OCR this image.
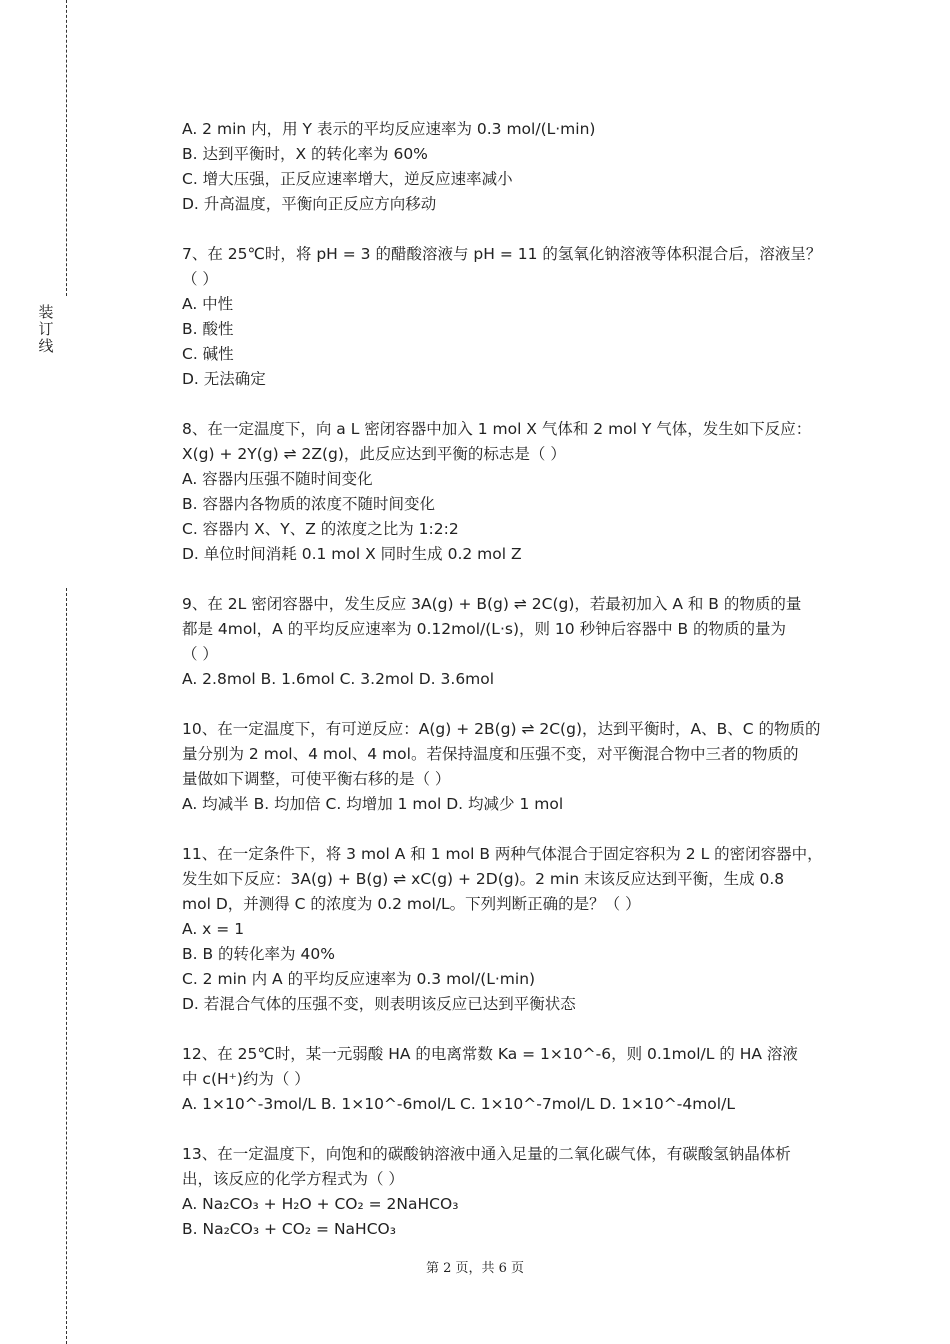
装
订
线
A. 2 min 内，用 Y 表示的平均反应速率为 0.3 mol/(L·min)
B. 达到平衡时，X 的转化率为 60%
C. 增大压强，正反应速率增大，逆反应速率减小
D. 升高温度，平衡向正反应方向移动
7、在 25℃时，将 pH = 3 的醋酸溶液与 pH = 11 的氢氧化钠溶液等体积混合后，溶液呈？
（ ）
A. 中性
B. 酸性
C. 碱性
D. 无法确定
8、在一定温度下，向 a L 密闭容器中加入 1 mol X 气体和 2 mol Y 气体，发生如下反应：
X(g) + 2Y(g) ⇌ 2Z(g)，此反应达到平衡的标志是（ ）
A. 容器内压强不随时间变化
B. 容器内各物质的浓度不随时间变化
C. 容器内 X、Y、Z 的浓度之比为 1:2:2
D. 单位时间消耗 0.1 mol X 同时生成 0.2 mol Z
9、在 2L 密闭容器中，发生反应 3A(g) + B(g) ⇌ 2C(g)，若最初加入 A 和 B 的物质的量
都是 4mol，A 的平均反应速率为 0.12mol/(L·s)，则 10 秒钟后容器中 B 的物质的量为
（ ）
A. 2.8mol B. 1.6mol C. 3.2mol D. 3.6mol
10、在一定温度下，有可逆反应：A(g) + 2B(g) ⇌ 2C(g)，达到平衡时，A、B、C 的物质的
量分别为 2 mol、4 mol、4 mol。若保持温度和压强不变，对平衡混合物中三者的物质的
量做如下调整，可使平衡右移的是（ ）
A. 均减半 B. 均加倍 C. 均增加 1 mol D. 均减少 1 mol
11、在一定条件下，将 3 mol A 和 1 mol B 两种气体混合于固定容积为 2 L 的密闭容器中，
发生如下反应：3A(g) + B(g) ⇌ xC(g) + 2D(g)。2 min 末该反应达到平衡，生成 0.8
mol D，并测得 C 的浓度为 0.2 mol/L。下列判断正确的是？（ ）
A. x = 1
B. B 的转化率为 40%
C. 2 min 内 A 的平均反应速率为 0.3 mol/(L·min)
D. 若混合气体的压强不变，则表明该反应已达到平衡状态
12、在 25℃时，某一元弱酸 HA 的电离常数 Ka = 1×10^-6，则 0.1mol/L 的 HA 溶液
中 c(H⁺)约为（ ）
A. 1×10^-3mol/L B. 1×10^-6mol/L C. 1×10^-7mol/L D. 1×10^-4mol/L
13、在一定温度下，向饱和的碳酸钠溶液中通入足量的二氧化碳气体，有碳酸氢钠晶体析
出，该反应的化学方程式为（ ）
A. Na₂CO₃ + H₂O + CO₂ = 2NaHCO₃
B. Na₂CO₃ + CO₂ = NaHCO₃
第 2 页，共 6 页
